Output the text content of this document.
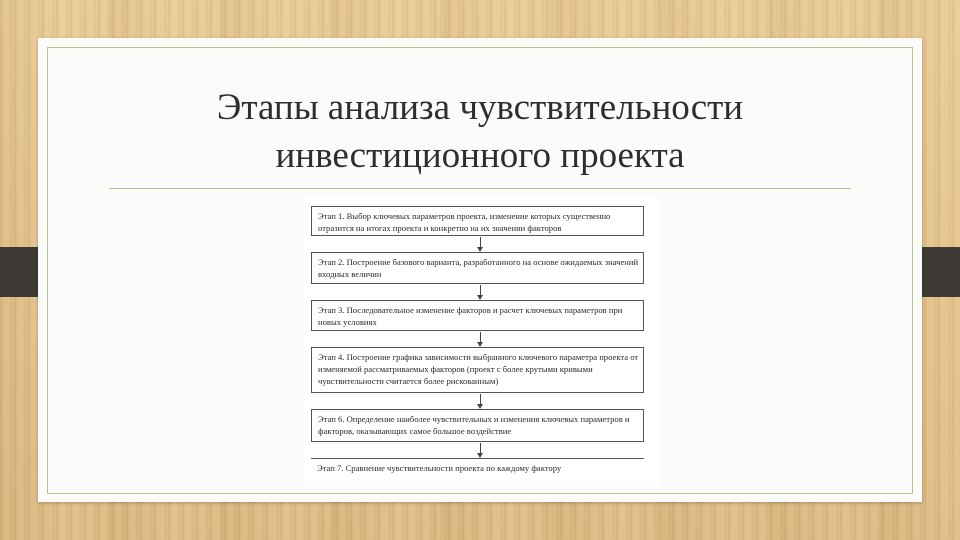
Этапы анализа чувствительности
инвестиционного проекта
Этап 1. Выбор ключевых параметров проекта, изменение которых существенно отразится на итогах проекта и конкретно на их значении факторов
Этап 2. Построение базового варианта, разработанного на основе ожидаемых значений входных величин
Этап 3. Последовательное изменение факторов и расчет ключевых параметров при новых условиях
Этап 4. Построение графика зависимости выбранного ключевого параметра проекта от изменяемой рассматриваемых факторов (проект с более крутыми кривыми чувствительности считается более рискованным)
Этап 6. Определение наиболее чувствительных и изменения ключевых параметров и факторов, оказывающих самое большое воздействие
Этап 7. Сравнение чувствительности проекта по каждому фактору
